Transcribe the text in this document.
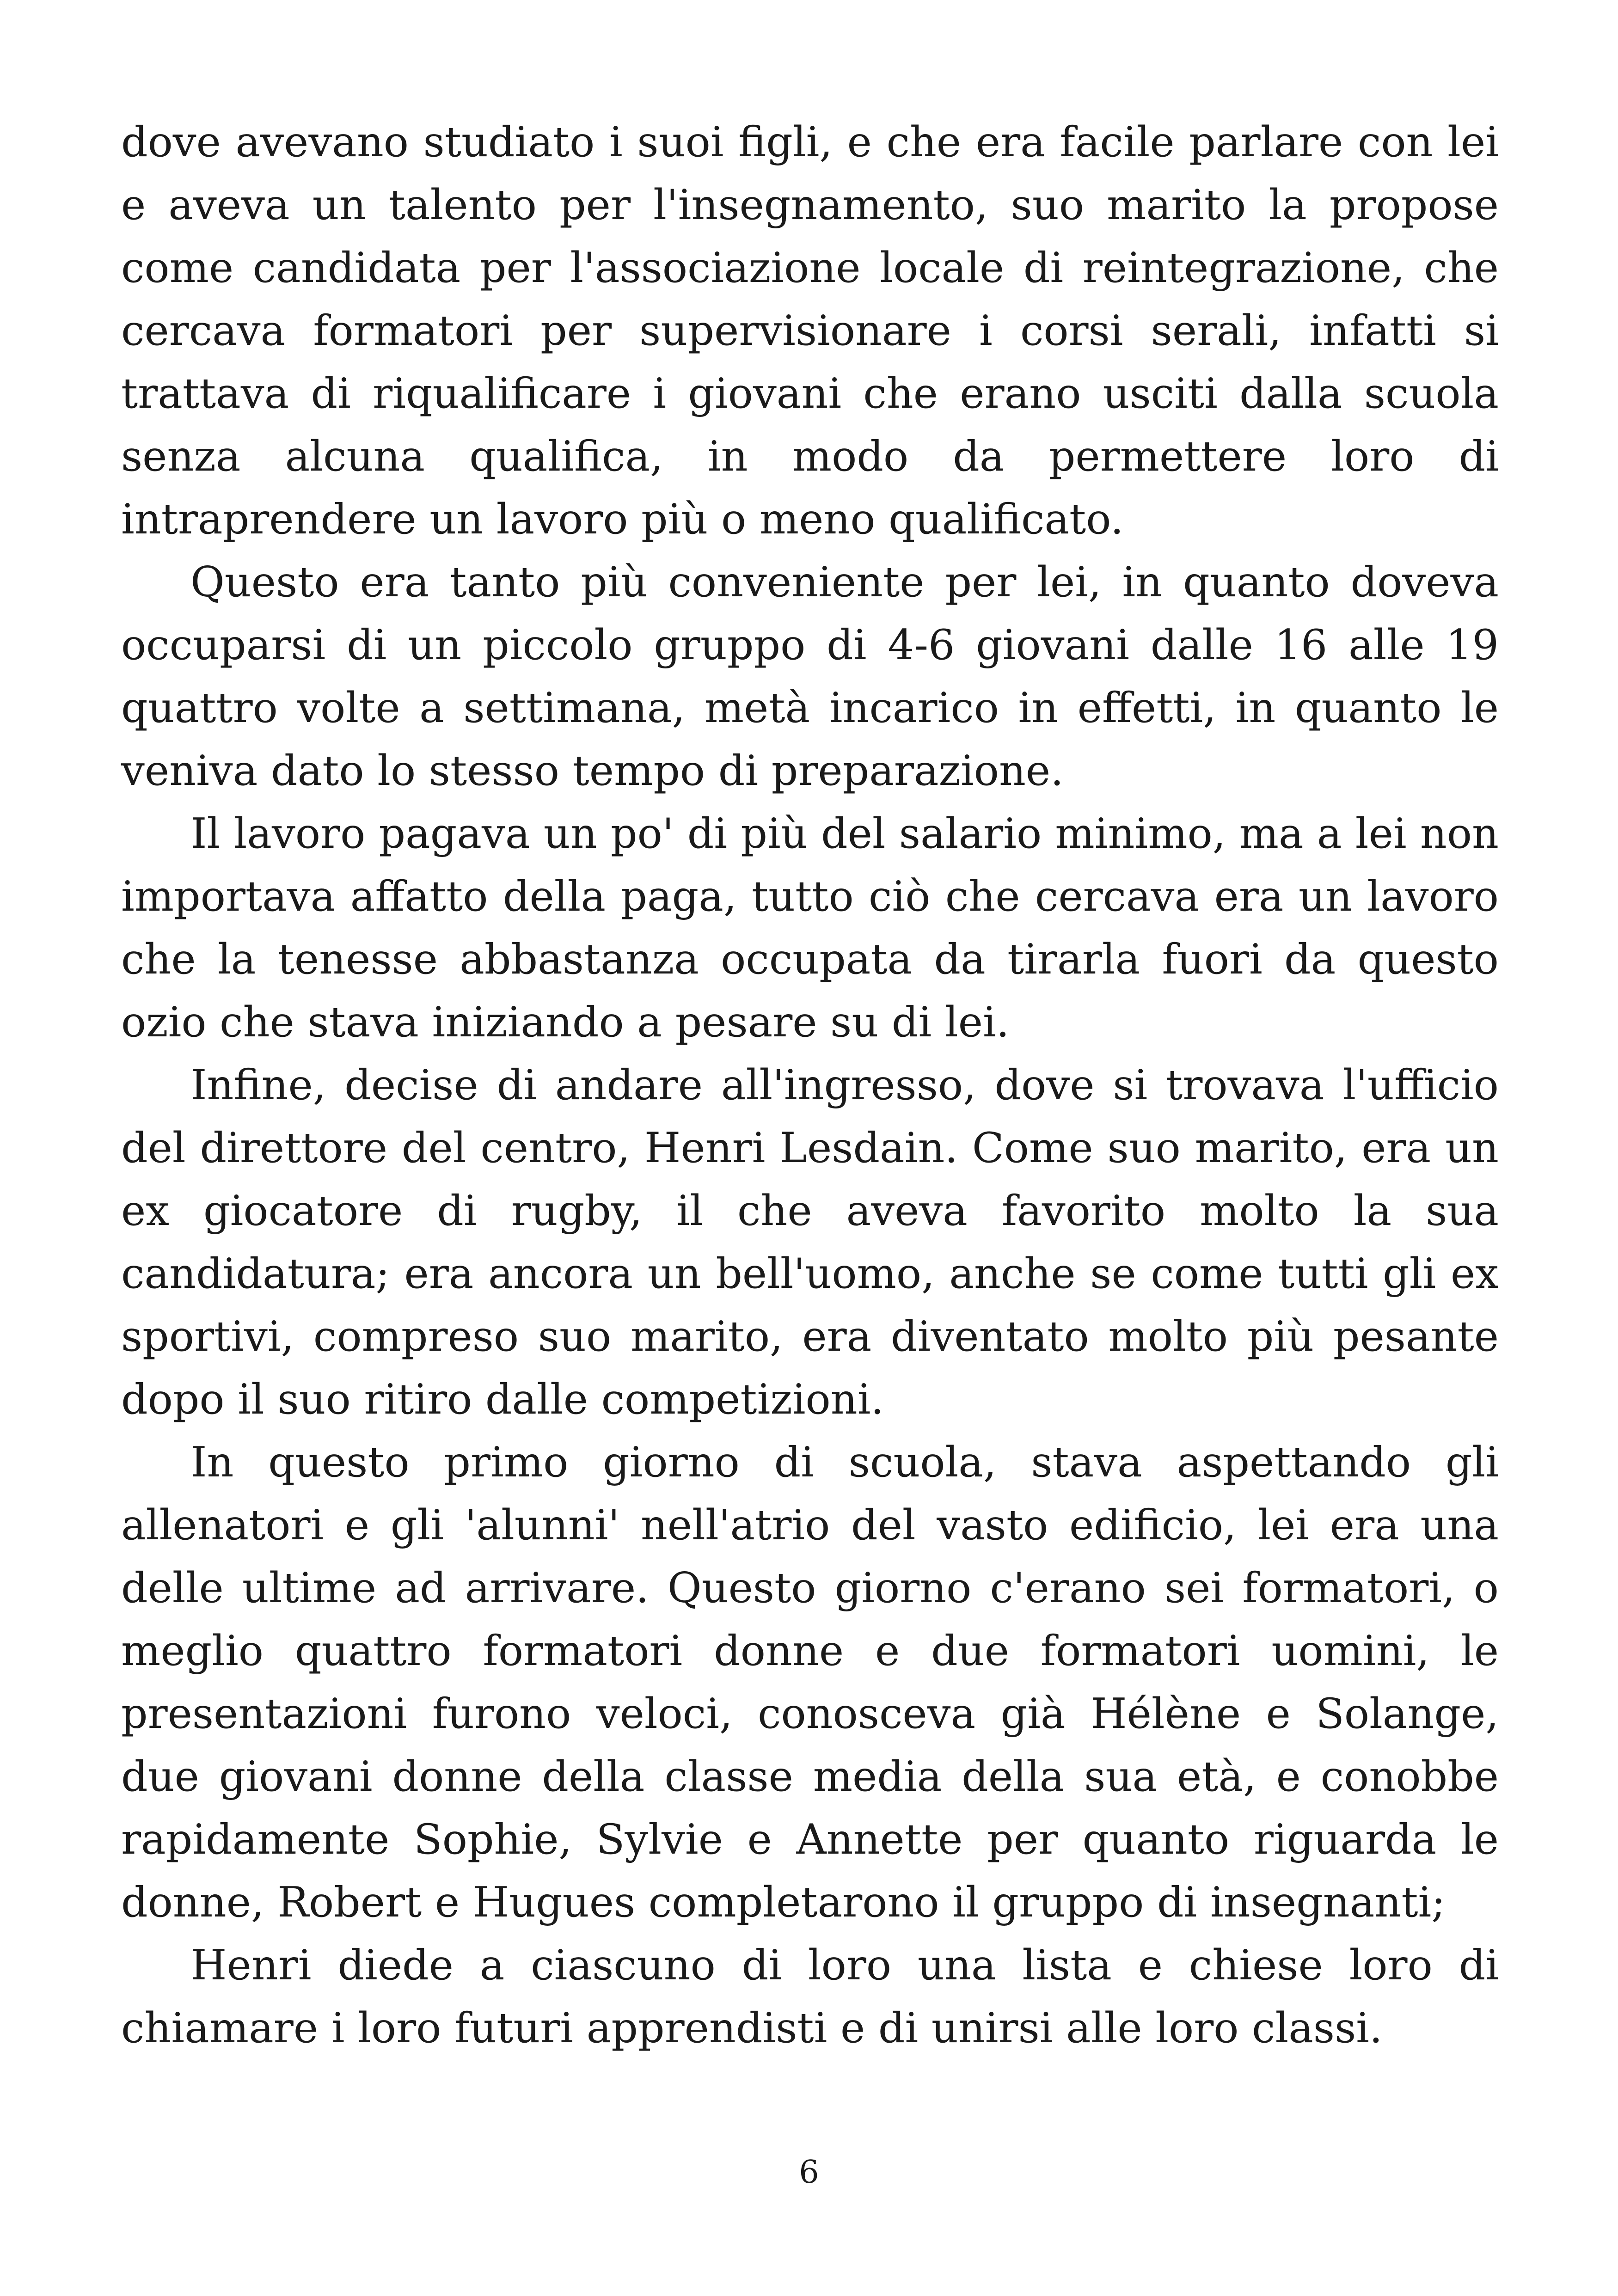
dove avevano studiato i suoi figli, e che era facile parlare con lei e aveva un talento per l'insegnamento, suo marito la propose come candidata per l'associazione locale di reintegrazione, che cercava formatori per supervisionare i corsi serali, infatti si trattava di riqualificare i giovani che erano usciti dalla scuola senza alcuna qualifica, in modo da permettere loro di intraprendere un lavoro più o meno qualificato.

Questo era tanto più conveniente per lei, in quanto doveva occuparsi di un piccolo gruppo di 4-6 giovani dalle 16 alle 19 quattro volte a settimana, metà incarico in effetti, in quanto le veniva dato lo stesso tempo di preparazione.

Il lavoro pagava un po' di più del salario minimo, ma a lei non importava affatto della paga, tutto ciò che cercava era un lavoro che la tenesse abbastanza occupata da tirarla fuori da questo ozio che stava iniziando a pesare su di lei.

Infine, decise di andare all'ingresso, dove si trovava l'ufficio del direttore del centro, Henri Lesdain. Come suo marito, era un ex giocatore di rugby, il che aveva favorito molto la sua candidatura; era ancora un bell'uomo, anche se come tutti gli ex sportivi, compreso suo marito, era diventato molto più pesante dopo il suo ritiro dalle competizioni.

In questo primo giorno di scuola, stava aspettando gli allenatori e gli 'alunni' nell'atrio del vasto edificio, lei era una delle ultime ad arrivare. Questo giorno c'erano sei formatori, o meglio quattro formatori donne e due formatori uomini, le presentazioni furono veloci, conosceva già Hélène e Solange, due giovani donne della classe media della sua età, e conobbe rapidamente Sophie, Sylvie e Annette per quanto riguarda le donne, Robert e Hugues completarono il gruppo di insegnanti;

Henri diede a ciascuno di loro una lista e chiese loro di chiamare i loro futuri apprendisti e di unirsi alle loro classi.

6
